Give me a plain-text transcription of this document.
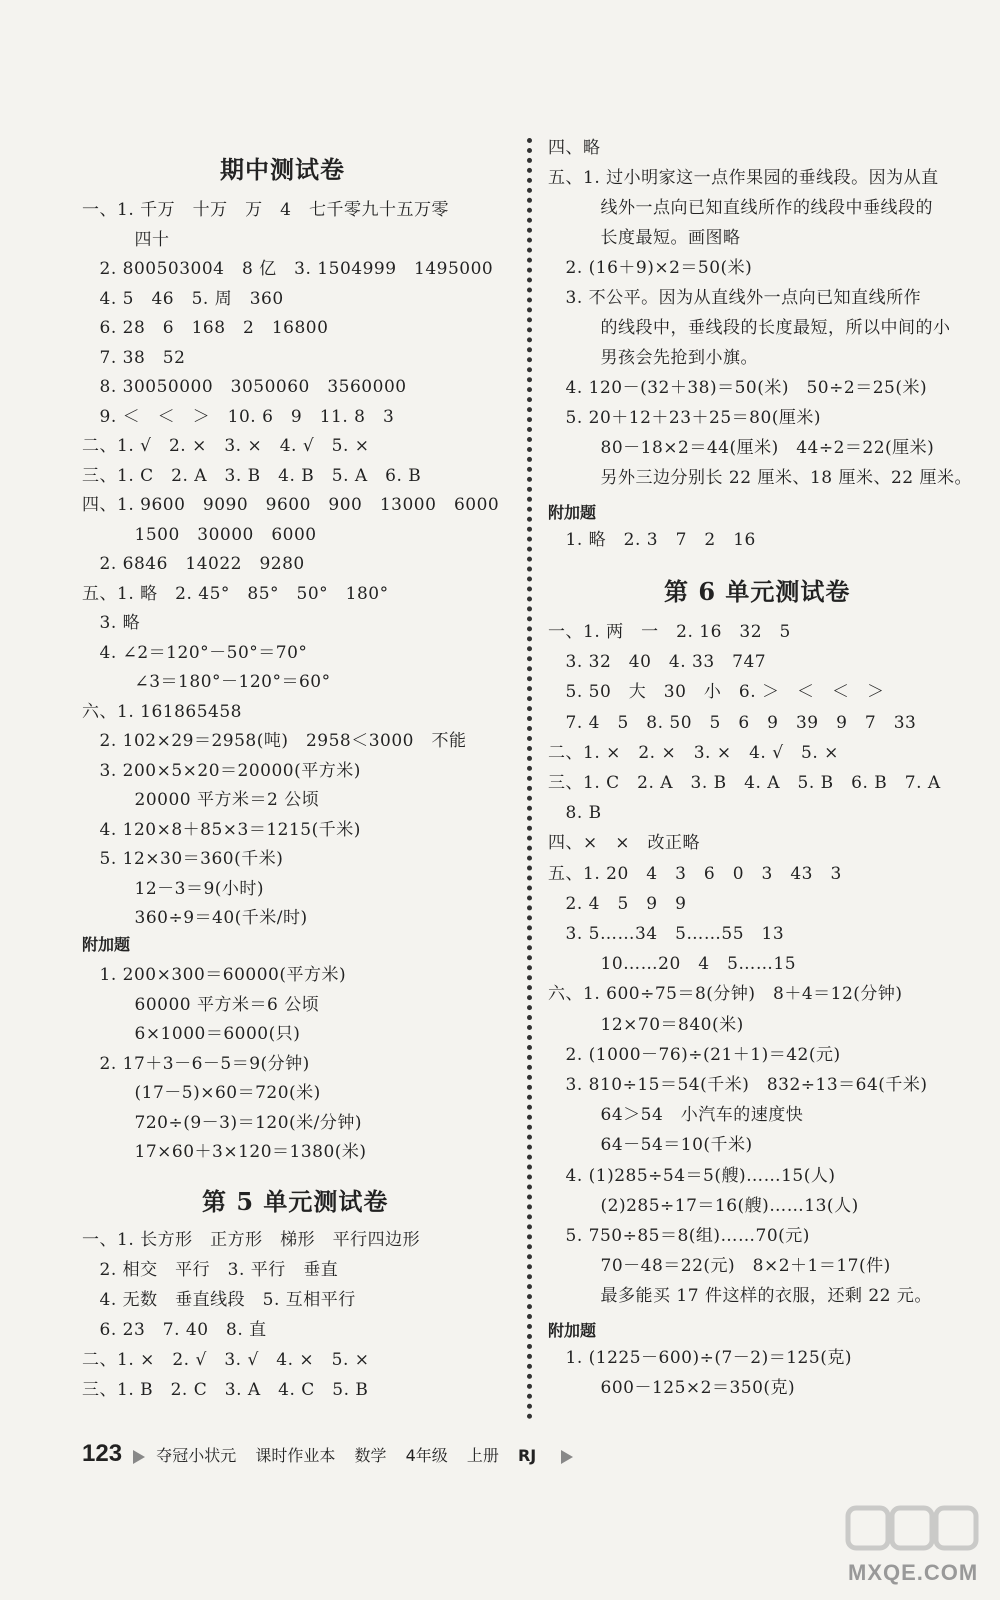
期中测试卷
一、1. 千万　十万　万　4　七千零九十五万零
　　　四十
　2. 800503004　8 亿　3. 1504999　1495000
　4. 5　46　5. 周　360
　6. 28　6　168　2　16800
　7. 38　52
　8. 30050000　3050060　3560000
　9. ＜　＜　＞　10. 6　9　11. 8　3
二、1. √　2. ×　3. ×　4. √　5. ×
三、1. C　2. A　3. B　4. B　5. A　6. B
四、1. 9600　9090　9600　900　13000　6000
　　　1500　30000　6000
　2. 6846　14022　9280
五、1. 略　2. 45°　85°　50°　180°
　3. 略
　4. ∠2＝120°－50°＝70°
　　　∠3＝180°－120°＝60°
六、1. 161865458
　2. 102×29＝2958(吨)　2958＜3000　不能
　3. 200×5×20＝20000(平方米)
　　　20000 平方米＝2 公顷
　4. 120×8＋85×3＝1215(千米)
　5. 12×30＝360(千米)
　　　12－3＝9(小时)
　　　360÷9＝40(千米/时)
附加题
　1. 200×300＝60000(平方米)
　　　60000 平方米＝6 公顷
　　　6×1000＝6000(只)
　2. 17＋3－6－5＝9(分钟)
　　　(17－5)×60＝720(米)
　　　720÷(9－3)＝120(米/分钟)
　　　17×60＋3×120＝1380(米)
第 5 单元测试卷
一、1. 长方形　正方形　梯形　平行四边形
　2. 相交　平行　3. 平行　垂直
　4. 无数　垂直线段　5. 互相平行
　6. 23　7. 40　8. 直
二、1. ×　2. √　3. √　4. ×　5. ×
三、1. B　2. C　3. A　4. C　5. B
四、略
五、1. 过小明家这一点作果园的垂线段。因为从直
　　　线外一点向已知直线所作的线段中垂线段的
　　　长度最短。画图略
　2. (16＋9)×2＝50(米)
　3. 不公平。因为从直线外一点向已知直线所作
　　　的线段中，垂线段的长度最短，所以中间的小
　　　男孩会先抢到小旗。
　4. 120－(32＋38)＝50(米)　50÷2＝25(米)
　5. 20＋12＋23＋25＝80(厘米)
　　　80－18×2＝44(厘米)　44÷2＝22(厘米)
　　　另外三边分别长 22 厘米、18 厘米、22 厘米。
附加题
　1. 略　2. 3　7　2　16
第 6 单元测试卷
一、1. 两　一　2. 16　32　5
　3. 32　40　4. 33　747
　5. 50　大　30　小　6. ＞　＜　＜　＞
　7. 4　5　8. 50　5　6　9　39　9　7　33
二、1. ×　2. ×　3. ×　4. √　5. ×
三、1. C　2. A　3. B　4. A　5. B　6. B　7. A
　8. B
四、×　×　改正略
五、1. 20　4　3　6　0　3　43　3
　2. 4　5　9　9
　3. 5……34　5……55　13
　　　10……20　4　5……15
六、1. 600÷75＝8(分钟)　8＋4＝12(分钟)
　　　12×70＝840(米)
　2. (1000－76)÷(21＋1)＝42(元)
　3. 810÷15＝54(千米)　832÷13＝64(千米)
　　　64＞54　小汽车的速度快
　　　64－54＝10(千米)
　4. (1)285÷54＝5(艘)……15(人)
　　　(2)285÷17＝16(艘)……13(人)
　5. 750÷85＝8(组)……70(元)
　　　70－48＝22(元)　8×2＋1＝17(件)
　　　最多能买 17 件这样的衣服，还剩 22 元。
附加题
　1. (1225－600)÷(7－2)＝125(克)
　　　600－125×2＝350(克)
123 夺冠小状元 课时作业本 数学 4年级 上册 RJ
MXQE.COM
